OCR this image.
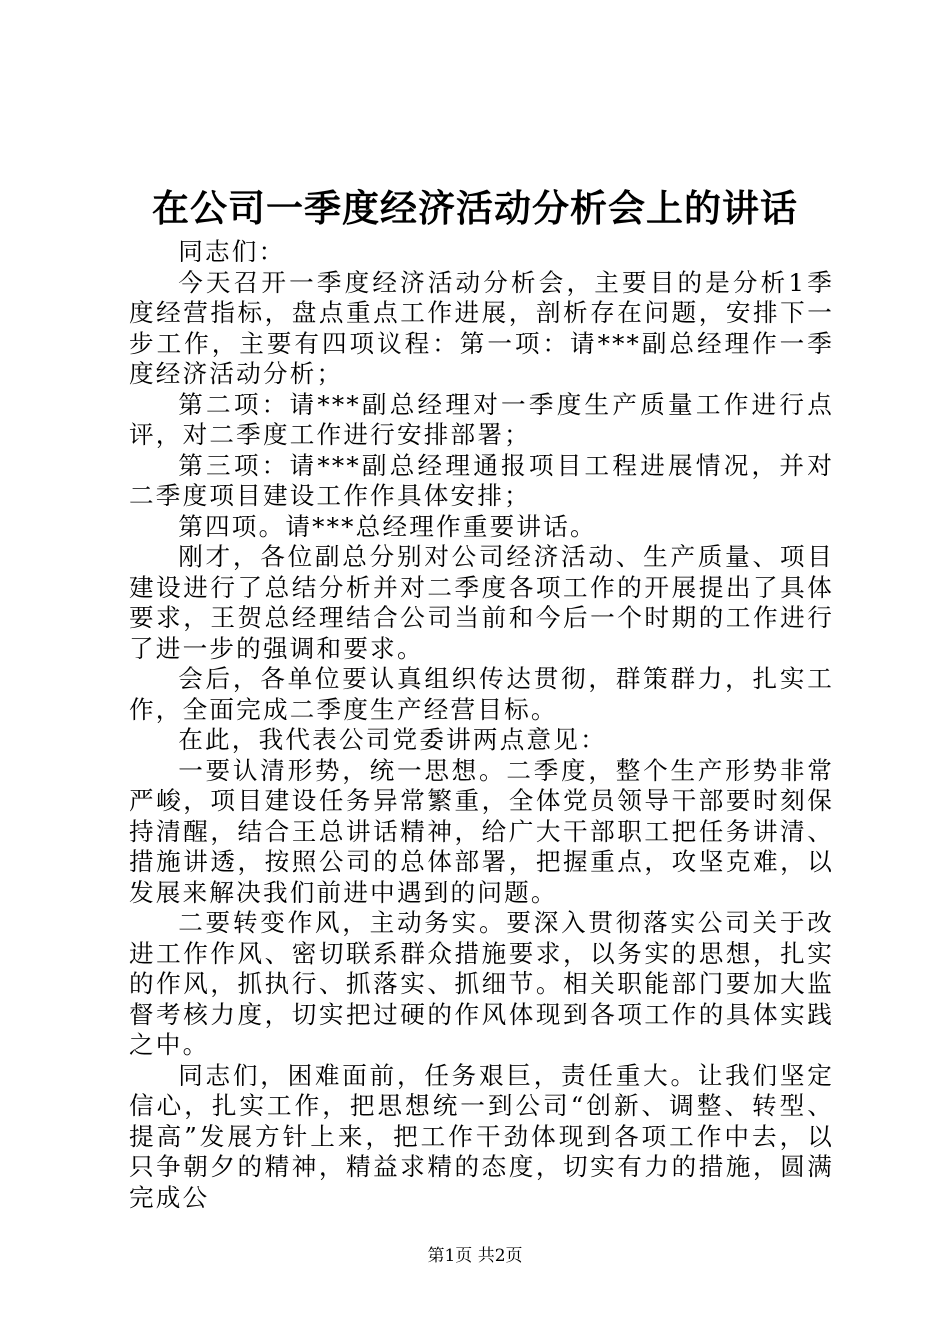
在公司一季度经济活动分析会上的讲话

同志们：

今天召开一季度经济活动分析会，主要目的是分析1季度经营指标，盘点重点工作进展，剖析存在问题，安排下一步工作，主要有四项议程：第一项：请***副总经理作一季度经济活动分析；

第二项：请***副总经理对一季度生产质量工作进行点评，对二季度工作进行安排部署；

第三项：请***副总经理通报项目工程进展情况，并对二季度项目建设工作作具体安排；

第四项。请***总经理作重要讲话。

刚才，各位副总分别对公司经济活动、生产质量、项目建设进行了总结分析并对二季度各项工作的开展提出了具体要求，王贺总经理结合公司当前和今后一个时期的工作进行了进一步的强调和要求。

会后，各单位要认真组织传达贯彻，群策群力，扎实工作，全面完成二季度生产经营目标。

在此，我代表公司党委讲两点意见：

一要认清形势，统一思想。二季度，整个生产形势非常严峻，项目建设任务异常繁重，全体党员领导干部要时刻保持清醒，结合王总讲话精神，给广大干部职工把任务讲清、措施讲透，按照公司的总体部署，把握重点，攻坚克难，以发展来解决我们前进中遇到的问题。

二要转变作风，主动务实。要深入贯彻落实公司关于改进工作作风、密切联系群众措施要求，以务实的思想，扎实的作风，抓执行、抓落实、抓细节。相关职能部门要加大监督考核力度，切实把过硬的作风体现到各项工作的具体实践之中。

同志们，困难面前，任务艰巨，责任重大。让我们坚定信心，扎实工作，把思想统一到公司“创新、调整、转型、提高”发展方针上来，把工作干劲体现到各项工作中去，以只争朝夕的精神，精益求精的态度，切实有力的措施，圆满完成公

第1页 共2页
